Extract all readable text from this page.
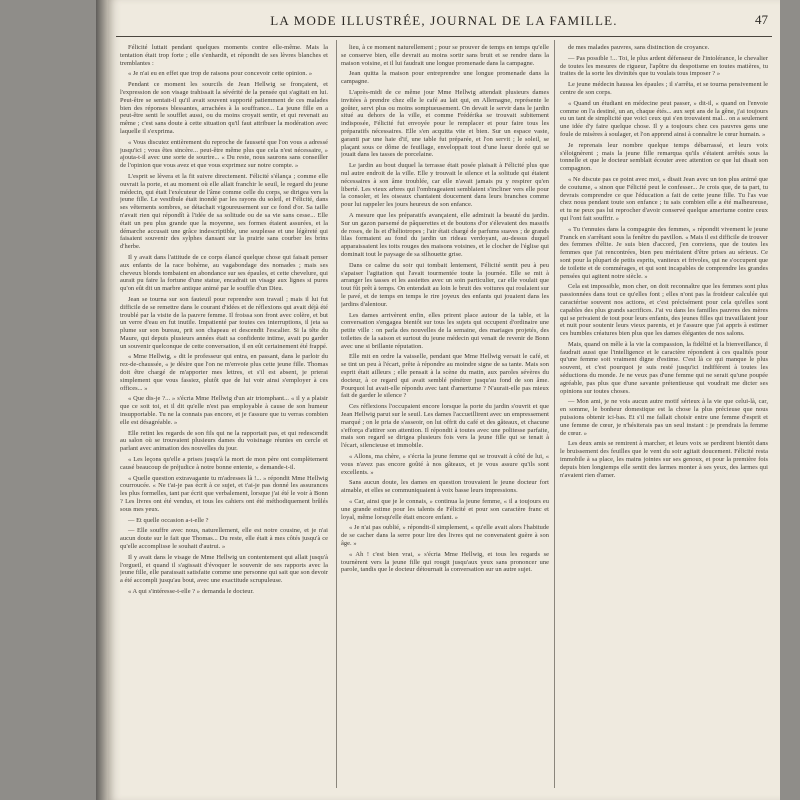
LA MODE ILLUSTRÉE, JOURNAL DE LA FAMILLE.	47

Félicité luttait pendant quelques moments contre elle-même. Mais la tentation était trop forte ; elle s'enhardit, et répondit de ses lèvres blanches et tremblantes :

« Je n'ai eu en effet que trop de raisons pour concevoir cette opinion. »

Pendant ce moment les sourcils de Jean Hellwig se fronçaient, et l'expression de son visage trahissait la sévérité de la pensée qui s'agitait en lui. Peut-être se sentait-il qu'il avait souvent supporté patiemment de ces malades bien des réponses blessantes, arrachées à la souffrance... La jeune fille en a peut-être senti le soufflet aussi, ou du moins croyait sentir, et qui revenait au même ; c'est sans doute à cette situation qu'il faut attribuer la modération avec laquelle il s'exprima.

« Vous discutez entièrement du reproche de fausseté que l'on vous a adressé jusqu'ici ; vous êtes sincère... peut-être même plus que cela n'est nécessaire, » ajouta-t-il avec une sorte de sourire... « Du reste, nous saurons sans conseiller de l'opinion que vous avez et que vous exprimez sur notre compte. »

L'esprit se lèvera et la fit suivre directement. Félicité s'élança ; comme elle ouvrait la porte, et au moment où elle allait franchir le seuil, le regard du jeune médecin, qui était l'exécuteur de l'âme comme celle du corps, se dirigea vers la jeune fille. Le vestibule était inondé par les rayons du soleil, et Félicité, dans ses vêtements sombres, se détachait vigoureusement sur ce fond d'or. Sa taille n'avait rien qui répondît à l'idée de sa solitude ou de sa vie sans cesse... Elle était un peu plus grande que la moyenne, ses formes étaient assurées, et la démarche accusait une grâce indescriptible, une souplesse et une légèreté qui faisaient souvenir des sylphes dansant sur la prairie sans courber les brins d'herbe.

Il y avait dans l'attitude de ce corps élancé quelque chose qui faisait penser aux enfants de la race bohème, au vagabondage des nomades ; mais ses cheveux blonds tombaient en abondance sur ses épaules, et cette chevelure, qui aurait pu faire la fortune d'une statue, encadrait un visage aux lignes si pures qu'on eût dit un marbre antique animé par le souffle d'un Dieu.

Jean se tourna sur son fauteuil pour reprendre son travail ; mais il lui fut difficile de se remettre dans le courant d'idées et de réflexions qui avait déjà été troublé par la visite de la pauvre femme. Il froissa son front avec colère, et but un verre d'eau en fut inutile. Impatienté par toutes ces interruptions, il jeta sa plume sur son bureau, prit son chapeau et descendit l'escalier. Si la tête du Maure, qui depuis plusieurs années était sa confidente intime, avait pu garder un souvenir quelconque de cette conversation, il en eût certainement été frappé.

« Mme Hellwig, » dit le professeur qui entra, en passant, dans le parloir du rez-de-chaussée, « je désire que l'on ne m'envoie plus cette jeune fille. Thomas doit être chargé de m'apporter mes lettres, et s'il est absent, je prierai simplement que vous fassiez, plutôt que de lui voir ainsi s'employer à ces offices... »

« Que dis-je ?... » s'écria Mme Hellwig d'un air triomphant... « il y a plaisir que ce soit toi, et il dit qu'elle n'est pas employable à cause de son humeur insupportable. Tu ne la connais pas encore, et je t'assure que tu verras combien elle est désagréable. »

Elle retint les regards de son fils qui ne la rapportait pas, et qui redescendit au salon où se trouvaient plusieurs dames du voisinage réunies en cercle et parlant avec animation des nouvelles du jour.

« Les leçons qu'elle a prises jusqu'à la mort de mon père ont complètement causé beaucoup de préjudice à notre bonne entente, » demande-t-il.

« Quelle question extravagante tu m'adresses là !... » répondit Mme Hellwig courroucée. « Ne t'ai-je pas écrit à ce sujet, et t'ai-je pas donné les assurances les plus formelles, tant par écrit que verbalement, lorsque j'ai été le voir à Bonn ? Les livres ont été vendus, et tous les cahiers ont été méthodiquement brûlés sous mes yeux.

— Et quelle occasion a-t-elle ?

— Elle souffre avec nous, naturellement, elle est notre cousine, et je n'ai aucun doute sur le fait que Thomas... Du reste, elle était à mes côtés jusqu'à ce qu'elle accomplisse le souhait d'autrui. »

Il y avait dans le visage de Mme Hellwig un contentement qui allait jusqu'à l'orgueil, et quand il s'agissait d'évoquer le souvenir de ses rapports avec la jeune fille, elle paraissait satisfaite comme une personne qui sait que son devoir a été accompli jusqu'au bout, avec une exactitude scrupuleuse.

« A qui s'intéresse-t-elle ? » demanda le docteur.

lieu, à ce moment naturellement ; pour se prouver de temps en temps qu'elle se conserve bien, elle devrait au moins sortir sans bruit et se rendre dans la maison voisine, et il lui faudrait une longue promenade dans la campagne.

Jean quitta la maison pour entreprendre une longue promenade dans la campagne.

L'après-midi de ce même jour Mme Hellwig attendait plusieurs dames invitées à prendre chez elle le café au lait qui, en Allemagne, représente le goûter, servi plus ou moins somptueusement. On devait le servir dans le jardin situé au dehors de la ville, et comme Frédérika se trouvait subitement indisposée, Félicité fut envoyée pour le remplacer et pour faire tous les préparatifs nécessaires. Elle s'en acquitta vite et bien. Sur un espace vaste, garanti par une haie d'if, une table fut préparée, et l'on servit ; le soleil, se plaçant sous ce dôme de feuillage, enveloppait tout d'une lueur dorée qui se jouait dans les tasses de porcelaine.

Le jardin au bout duquel la terrasse était posée plaisait à Félicité plus que nul autre endroit de la ville. Elle y trouvait le silence et la solitude qui étaient nécessaires à son âme troublée, car elle n'avait jamais pu y respirer qu'en liberté. Les vieux arbres qui l'ombrageaient semblaient s'incliner vers elle pour la consoler, et les oiseaux chantaient doucement dans leurs branches comme pour lui rappeler les jours heureux de son enfance.

A mesure que les préparatifs avançaient, elle admirait la beauté du jardin. Sur un gazon parsemé de pâquerettes et de boutons d'or s'élevaient des massifs de roses, de lis et d'héliotropes ; l'air était chargé de parfums suaves ; de grands lilas formaient au fond du jardin un rideau verdoyant, au-dessus duquel apparaissaient les toits rouges des maisons voisines, et le clocher de l'église qui dominait tout le paysage de sa silhouette grise.

Dans ce calme du soir qui tombait lentement, Félicité sentit peu à peu s'apaiser l'agitation qui l'avait tourmentée toute la journée. Elle se mit à arranger les tasses et les assiettes avec un soin particulier, car elle voulait que tout fût prêt à temps. On entendait au loin le bruit des voitures qui roulaient sur le pavé, et de temps en temps le rire joyeux des enfants qui jouaient dans les jardins d'alentour.

Les dames arrivèrent enfin, elles prirent place autour de la table, et la conversation s'engagea bientôt sur tous les sujets qui occupent d'ordinaire une petite ville : on parla des nouvelles de la semaine, des mariages projetés, des toilettes de la saison et surtout du jeune médecin qui venait de revenir de Bonn avec une si brillante réputation.

Elle mit en ordre la vaisselle, pendant que Mme Hellwig versait le café, et se tint un peu à l'écart, prête à répondre au moindre signe de sa tante. Mais son esprit était ailleurs ; elle pensait à la scène du matin, aux paroles sévères du docteur, à ce regard qui avait semblé pénétrer jusqu'au fond de son âme. Pourquoi lui avait-elle répondu avec tant d'amertume ? N'aurait-elle pas mieux fait de garder le silence ?

Ces réflexions l'occupaient encore lorsque la porte du jardin s'ouvrit et que Jean Hellwig parut sur le seuil. Les dames l'accueillirent avec un empressement marqué ; on le pria de s'asseoir, on lui offrit du café et des gâteaux, et chacune s'efforça d'attirer son attention. Il répondit à toutes avec une politesse parfaite, mais son regard se dirigea plusieurs fois vers la jeune fille qui se tenait à l'écart, silencieuse et immobile.

« Allons, ma chère, » s'écria la jeune femme qui se trouvait à côté de lui, « vous n'avez pas encore goûté à nos gâteaux, et je vous assure qu'ils sont excellents. »

Sans aucun doute, les dames en question trouvaient le jeune docteur fort aimable, et elles se communiquaient à voix basse leurs impressions.

« Car, ainsi que je le connais, » continua la jeune femme, « il a toujours eu une grande estime pour les talents de Félicité et pour son caractère franc et loyal, même lorsqu'elle était encore enfant. »

« Je n'ai pas oublié, » répondit-il simplement, « qu'elle avait alors l'habitude de se cacher dans la serre pour lire des livres qui ne convenaient guère à son âge. »

« Ah ! c'est bien vrai, » s'écria Mme Hellwig, et tous les regards se tournèrent vers la jeune fille qui rougit jusqu'aux yeux sans prononcer une parole, tandis que le docteur détournait la conversation sur un autre sujet.

de mes malades pauvres, sans distinction de croyance.

— Pas possible !... Toi, le plus ardent défenseur de l'intolérance, le chevalier de toutes les mesures de rigueur, l'apôtre du despotisme en toutes matières, tu traites de la sorte les divinités que tu voulais tous imposer ? »

Le jeune médecin haussa les épaules ; il s'arrêta, et se tourna pensivement le centre de son corps.

« Quand un étudiant en médecine peut passer, » dit-il, « quand on l'envoie comme on l'a destiné, un an, chaque étés... aux sept ans de la gêne, j'ai toujours eu un tant de simplicité que voici ceux qui s'en trouvaient mal... on a seulement une idée d'y faire quelque chose. Il y a toujours chez ces pauvres gens une foule de misères à soulager, et l'on apprend ainsi à connaître le cœur humain. »

Je reprenais leur nombre quelque temps débarrassé, et leurs voix s'éloignèrent ; mais la jeune fille remarqua qu'ils s'étaient arrêtés sous la tonnelle et que le docteur semblait écouter avec attention ce que lui disait son compagnon.

« Ne discute pas ce point avec moi, » disait Jean avec un ton plus animé que de coutume, « sinon que Félicité peut le confesser... Je crois que, de ta part, tu devrais comprendre ce que l'éducation a fait de cette jeune fille. Tu l'as vue chez nous pendant toute son enfance ; tu sais combien elle a été malheureuse, et tu ne peux pas lui reprocher d'avoir conservé quelque amertume contre ceux qui l'ont fait souffrir. »

« Tu t'ennuies dans la compagnie des femmes, » répondit vivement le jeune Franck en s'arrêtant sous la fenêtre du pavillon. « Mais il est difficile de trouver des femmes d'élite. Je suis bien d'accord, j'en conviens, que de toutes les femmes que j'ai rencontrées, bien peu méritaient d'être prises au sérieux. Ce sont pour la plupart de petits esprits, vaniteux et frivoles, qui ne s'occupent que de toilette et de commérages, et qui sont incapables de comprendre les grandes pensées qui agitent notre siècle. »

Cela est impossible, mon cher, on doit reconnaître que les femmes sont plus passionnées dans tout ce qu'elles font ; elles n'ont pas la froideur calculée qui caractérise souvent nos actions, et c'est précisément pour cela qu'elles sont capables des plus grands sacrifices. J'ai vu dans les familles pauvres des mères qui se privaient de tout pour leurs enfants, des jeunes filles qui travaillaient jour et nuit pour soutenir leurs vieux parents, et je t'assure que j'ai appris à estimer ces humbles créatures bien plus que les dames élégantes de nos salons.

Mais, quand on mêle à la vie la compassion, la fidélité et la bienveillance, il faudrait aussi que l'intelligence et le caractère répondent à ces qualités pour qu'une femme soit vraiment digne d'estime. C'est là ce qui manque le plus souvent, et c'est pourquoi je suis resté jusqu'ici indifférent à toutes les séductions du monde. Je ne veux pas d'une femme qui ne serait qu'une poupée agréable, pas plus que d'une savante prétentieuse qui voudrait me dicter ses opinions sur toutes choses.

— Mon ami, je ne vois aucun autre motif sérieux à la vie que celui-là, car, en somme, le bonheur domestique est la chose la plus précieuse que nous puissions obtenir ici-bas. Et s'il me fallait choisir entre une femme d'esprit et une femme de cœur, je n'hésiterais pas un seul instant : je prendrais la femme de cœur. »

Les deux amis se remirent à marcher, et leurs voix se perdirent bientôt dans le bruissement des feuilles que le vent du soir agitait doucement. Félicité resta immobile à sa place, les mains jointes sur ses genoux, et pour la première fois depuis bien longtemps elle sentit des larmes monter à ses yeux, des larmes qui n'avaient rien d'amer.
